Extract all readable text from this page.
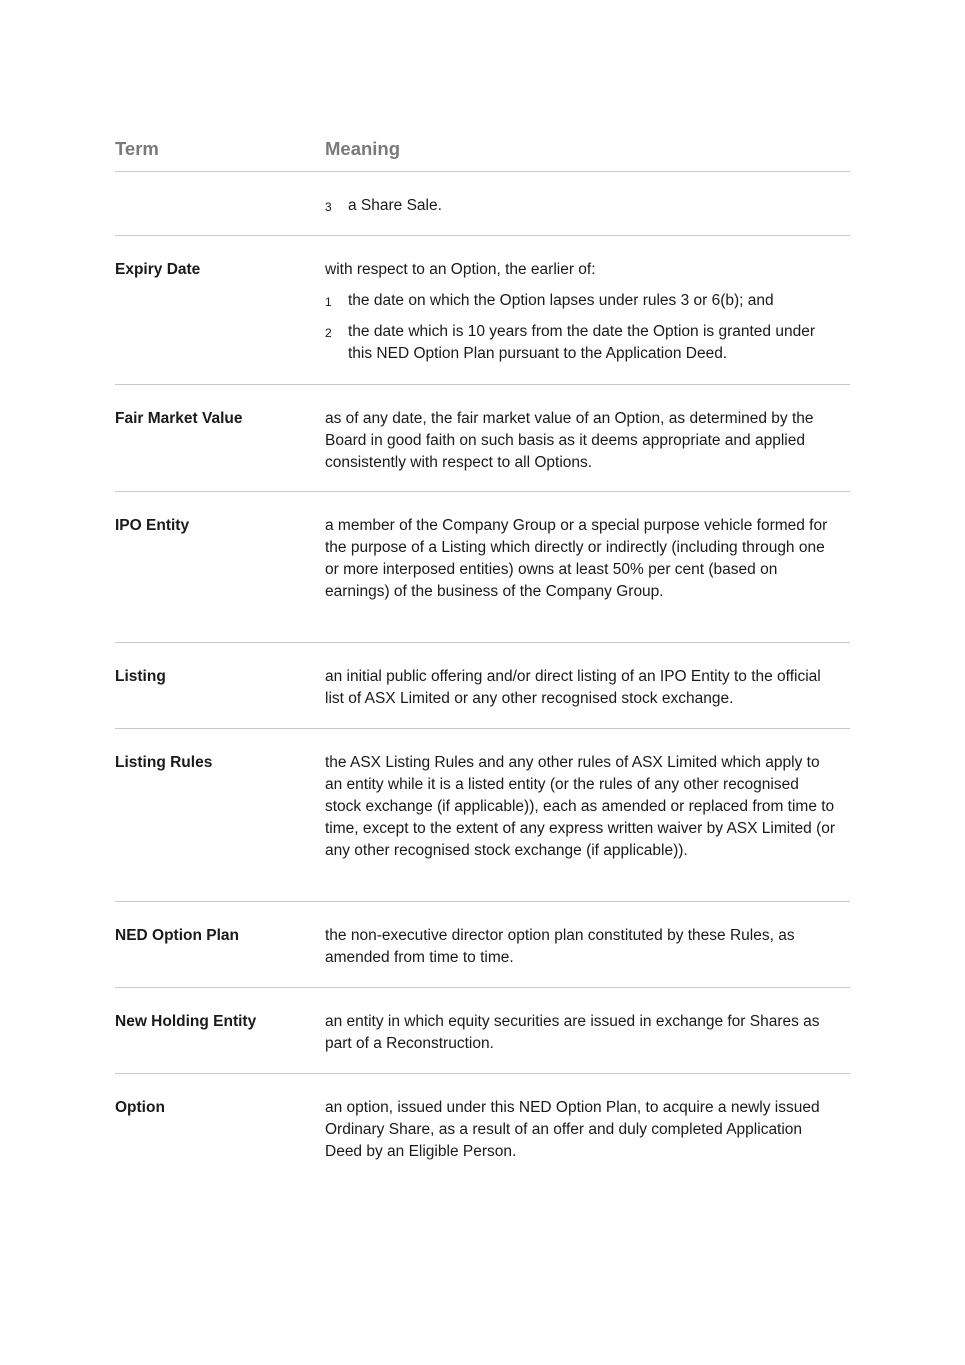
Term	Meaning
3 a Share Sale.
Expiry Date	with respect to an Option, the earlier of:

1 the date on which the Option lapses under rules 3 or 6(b); and
2 the date which is 10 years from the date the Option is granted under this NED Option Plan pursuant to the Application Deed.
Fair Market Value	as of any date, the fair market value of an Option, as determined by the Board in good faith on such basis as it deems appropriate and applied consistently with respect to all Options.
IPO Entity	a member of the Company Group or a special purpose vehicle formed for the purpose of a Listing which directly or indirectly (including through one or more interposed entities) owns at least 50% per cent (based on earnings) of the business of the Company Group.
Listing	an initial public offering and/or direct listing of an IPO Entity to the official list of ASX Limited or any other recognised stock exchange.
Listing Rules	the ASX Listing Rules and any other rules of ASX Limited which apply to an entity while it is a listed entity (or the rules of any other recognised stock exchange (if applicable)), each as amended or replaced from time to time, except to the extent of any express written waiver by ASX Limited (or any other recognised stock exchange (if applicable)).
NED Option Plan	the non-executive director option plan constituted by these Rules, as amended from time to time.
New Holding Entity	an entity in which equity securities are issued in exchange for Shares as part of a Reconstruction.
Option	an option, issued under this NED Option Plan, to acquire a newly issued Ordinary Share, as a result of an offer and duly completed Application Deed by an Eligible Person.
